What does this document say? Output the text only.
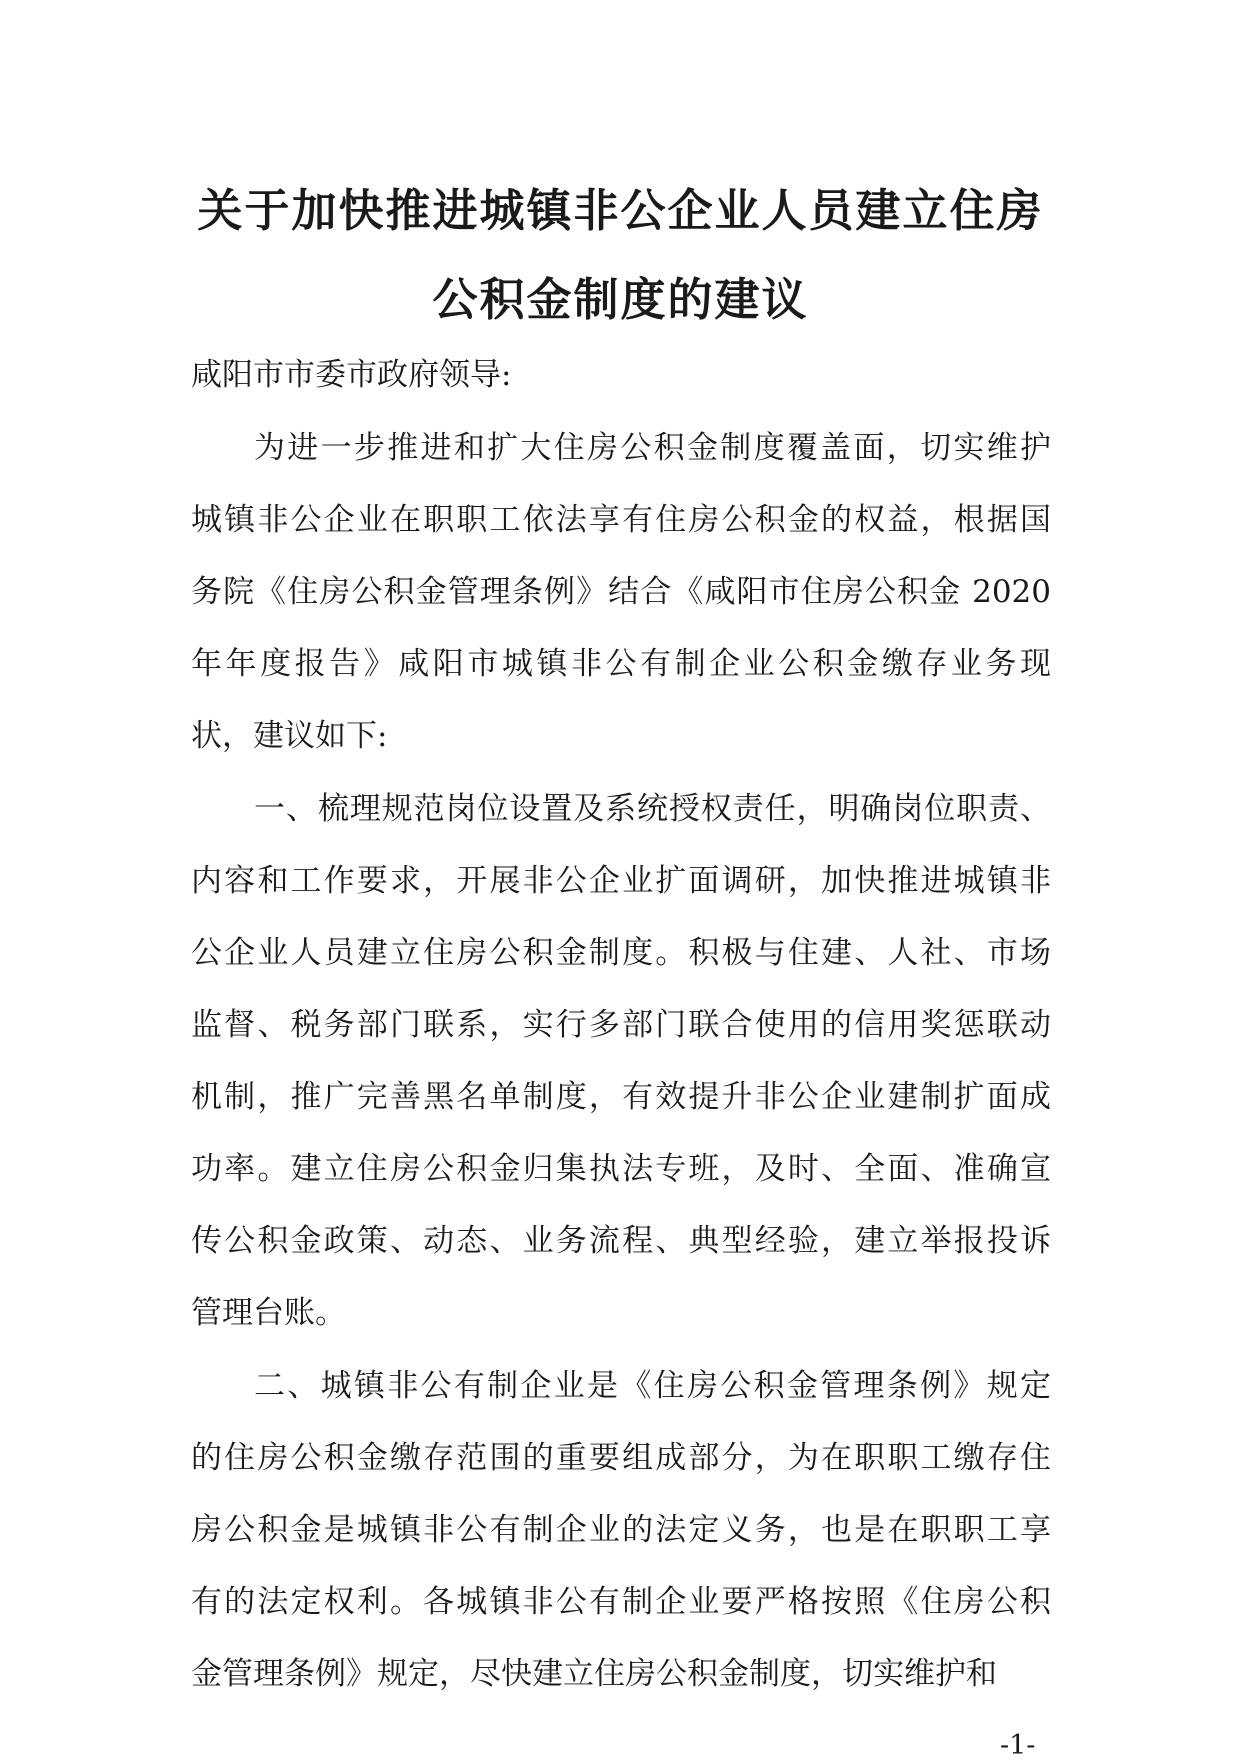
关于加快推进城镇非公企业人员建立住房
公积金制度的建议
咸阳市市委市政府领导:
为进一步推进和扩大住房公积金制度覆盖面，切实维护
城镇非公企业在职职工依法享有住房公积金的权益，根据国
务院《住房公积金管理条例》结合《咸阳市住房公积金 2020
年年度报告》咸阳市城镇非公有制企业公积金缴存业务现
状，建议如下:
一、梳理规范岗位设置及系统授权责任，明确岗位职责、
内容和工作要求，开展非公企业扩面调研，加快推进城镇非
公企业人员建立住房公积金制度。积极与住建、人社、市场
监督、税务部门联系，实行多部门联合使用的信用奖惩联动
机制，推广完善黑名单制度，有效提升非公企业建制扩面成
功率。建立住房公积金归集执法专班，及时、全面、准确宣
传公积金政策、动态、业务流程、典型经验，建立举报投诉
管理台账。
二、城镇非公有制企业是《住房公积金管理条例》规定
的住房公积金缴存范围的重要组成部分，为在职职工缴存住
房公积金是城镇非公有制企业的法定义务，也是在职职工享
有的法定权利。各城镇非公有制企业要严格按照《住房公积
金管理条例》规定，尽快建立住房公积金制度，切实维护和
-1-
